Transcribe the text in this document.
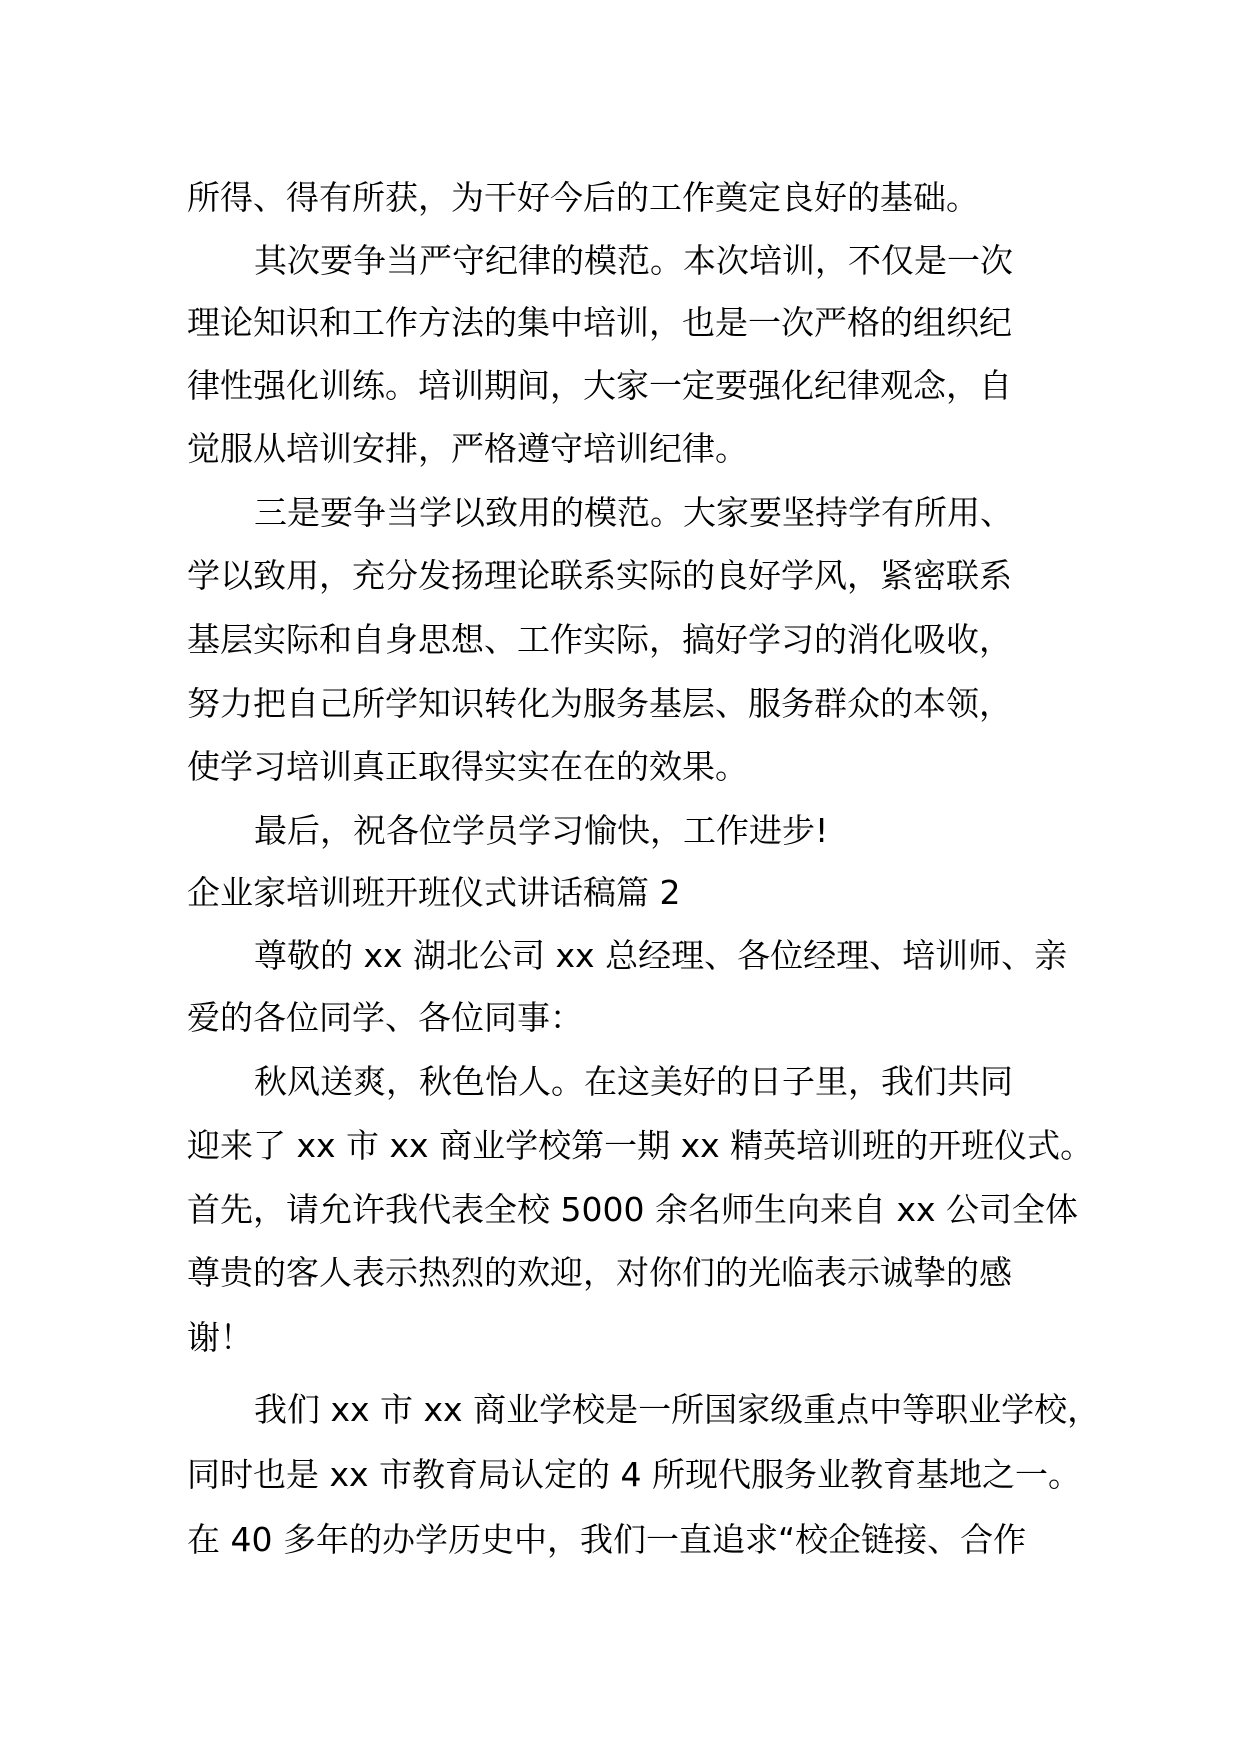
所得、得有所获，为干好今后的工作奠定良好的基础。

其次要争当严守纪律的模范。本次培训，不仅是一次

理论知识和工作方法的集中培训，也是一次严格的组织纪

律性强化训练。培训期间，大家一定要强化纪律观念，自

觉服从培训安排，严格遵守培训纪律。

三是要争当学以致用的模范。大家要坚持学有所用、

学以致用，充分发扬理论联系实际的良好学风，紧密联系

基层实际和自身思想、工作实际，搞好学习的消化吸收，

努力把自己所学知识转化为服务基层、服务群众的本领，

使学习培训真正取得实实在在的效果。

最后，祝各位学员学习愉快，工作进步!

企业家培训班开班仪式讲话稿篇 2

尊敬的 xx 湖北公司 xx 总经理、各位经理、培训师、亲

爱的各位同学、各位同事：

秋风送爽，秋色怡人。在这美好的日子里，我们共同

迎来了 xx 市 xx 商业学校第一期 xx 精英培训班的开班仪式。

首先，请允许我代表全校 5000 余名师生向来自 xx 公司全体

尊贵的客人表示热烈的欢迎，对你们的光临表示诚挚的感

谢！

我们 xx 市 xx 商业学校是一所国家级重点中等职业学校，

同时也是 xx 市教育局认定的 4 所现代服务业教育基地之一。

在 40 多年的办学历史中，我们一直追求“校企链接、合作
